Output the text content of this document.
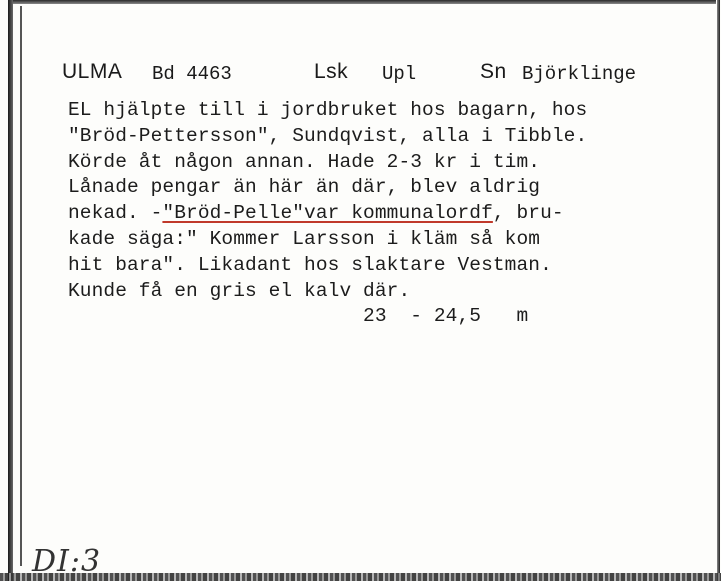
ULMA Bd 4463	Lsk Upl	Sn Björklinge
EL hjälpte till i jordbruket hos bagarn, hos
"Bröd-Pettersson", Sundqvist, alla i Tibble.
Körde åt någon annan. Hade 2-3 kr i tim.
Lånade pengar än här än där, blev aldrig
nekad. -"Bröd-Pelle"var kommunalordf, bru-
kade säga:" Kommer Larsson i kläm så kom
hit bara". Likadant hos slaktare Vestman.
Kunde få en gris el kalv där.
23  - 24,5   m
DI:3
